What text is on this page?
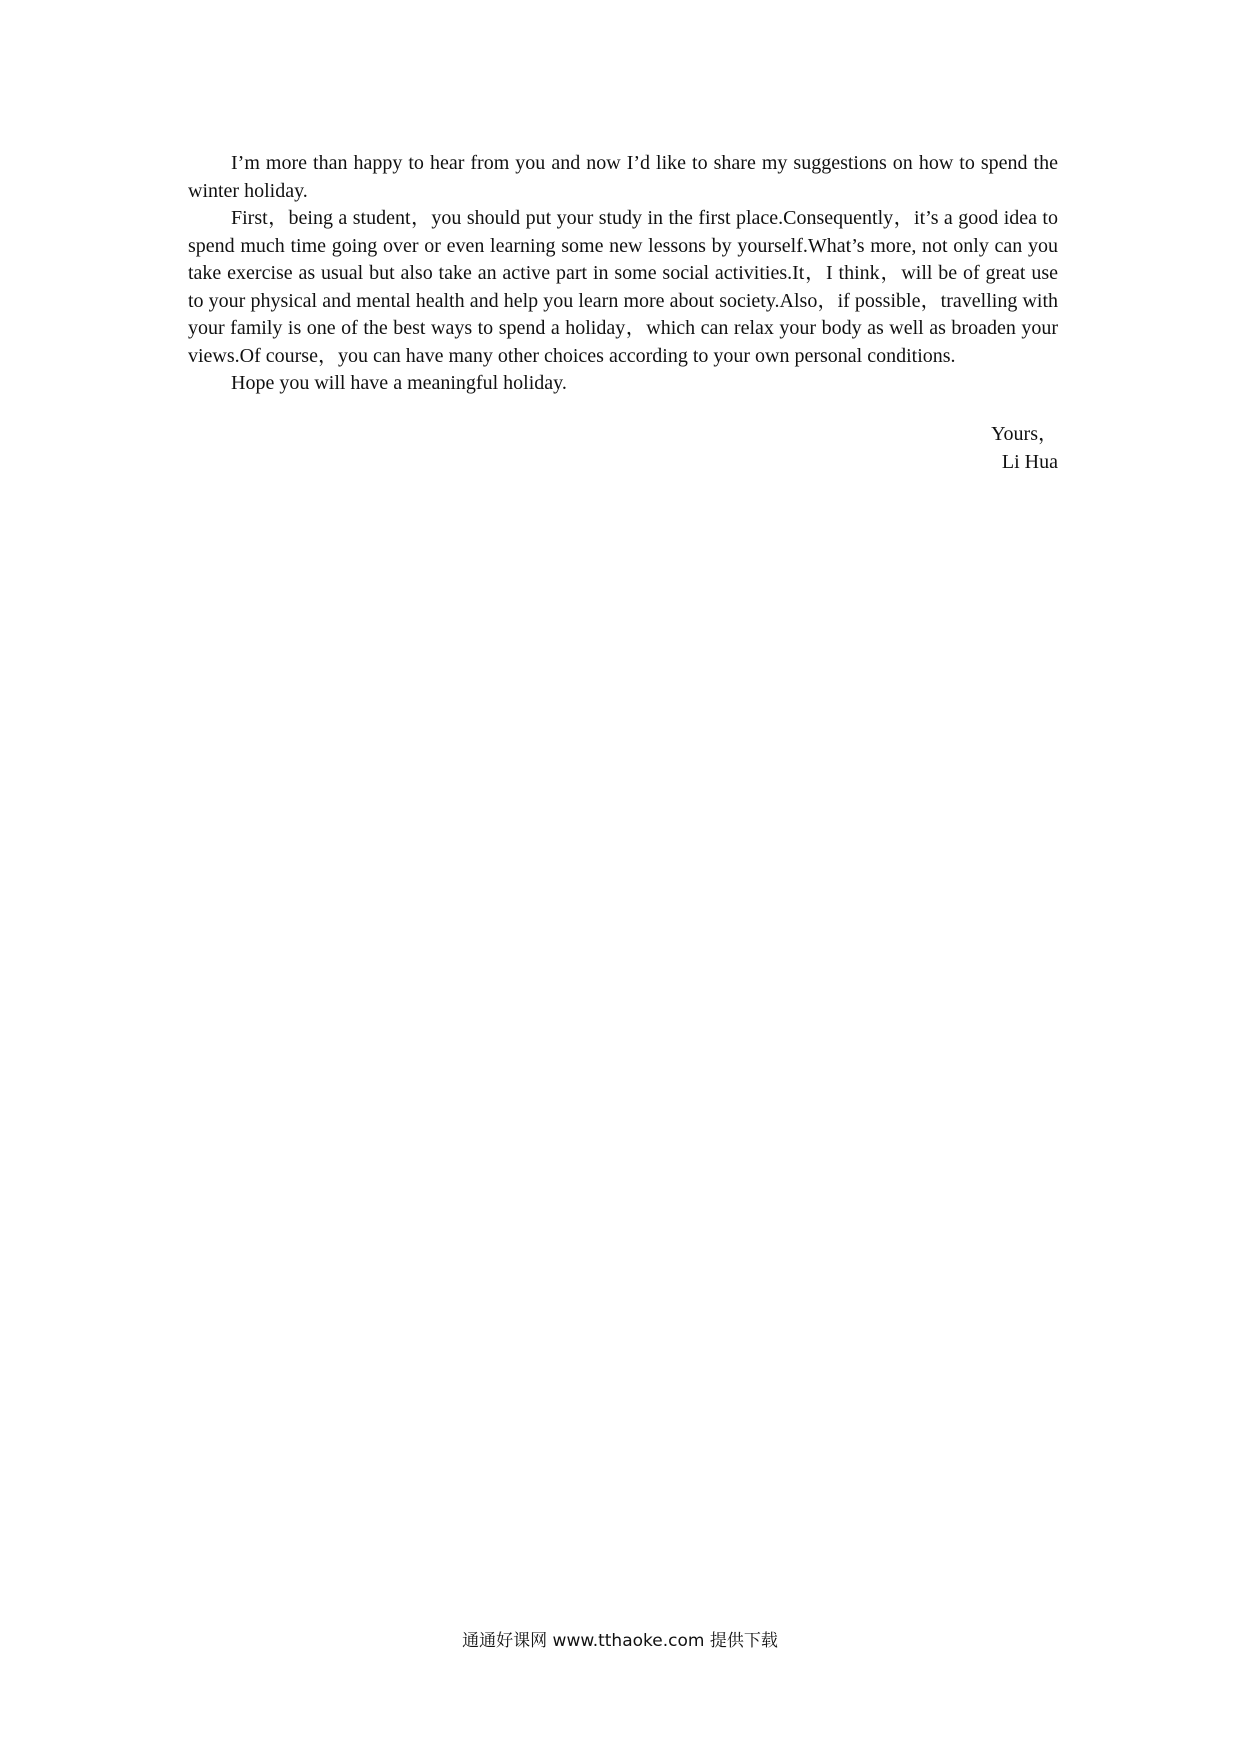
I’m more than happy to hear from you and now I’d like to share my suggestions on how to spend the winter holiday.

First，being a student，you should put your study in the first place.Consequently，it’s a good idea to spend much time going over or even learning some new lessons by yourself.What’s more, not only can you take exercise as usual but also take an active part in some social activities.It，I think，will be of great use to your physical and mental health and help you learn more about society.Also，if possible，travelling with your family is one of the best ways to spend a holiday，which can relax your body as well as broaden your views.Of course，you can have many other choices according to your own personal conditions.

Hope you will have a meaningful holiday.

Yours，
Li Hua
通通好课网 www.tthaoke.com 提供下载
